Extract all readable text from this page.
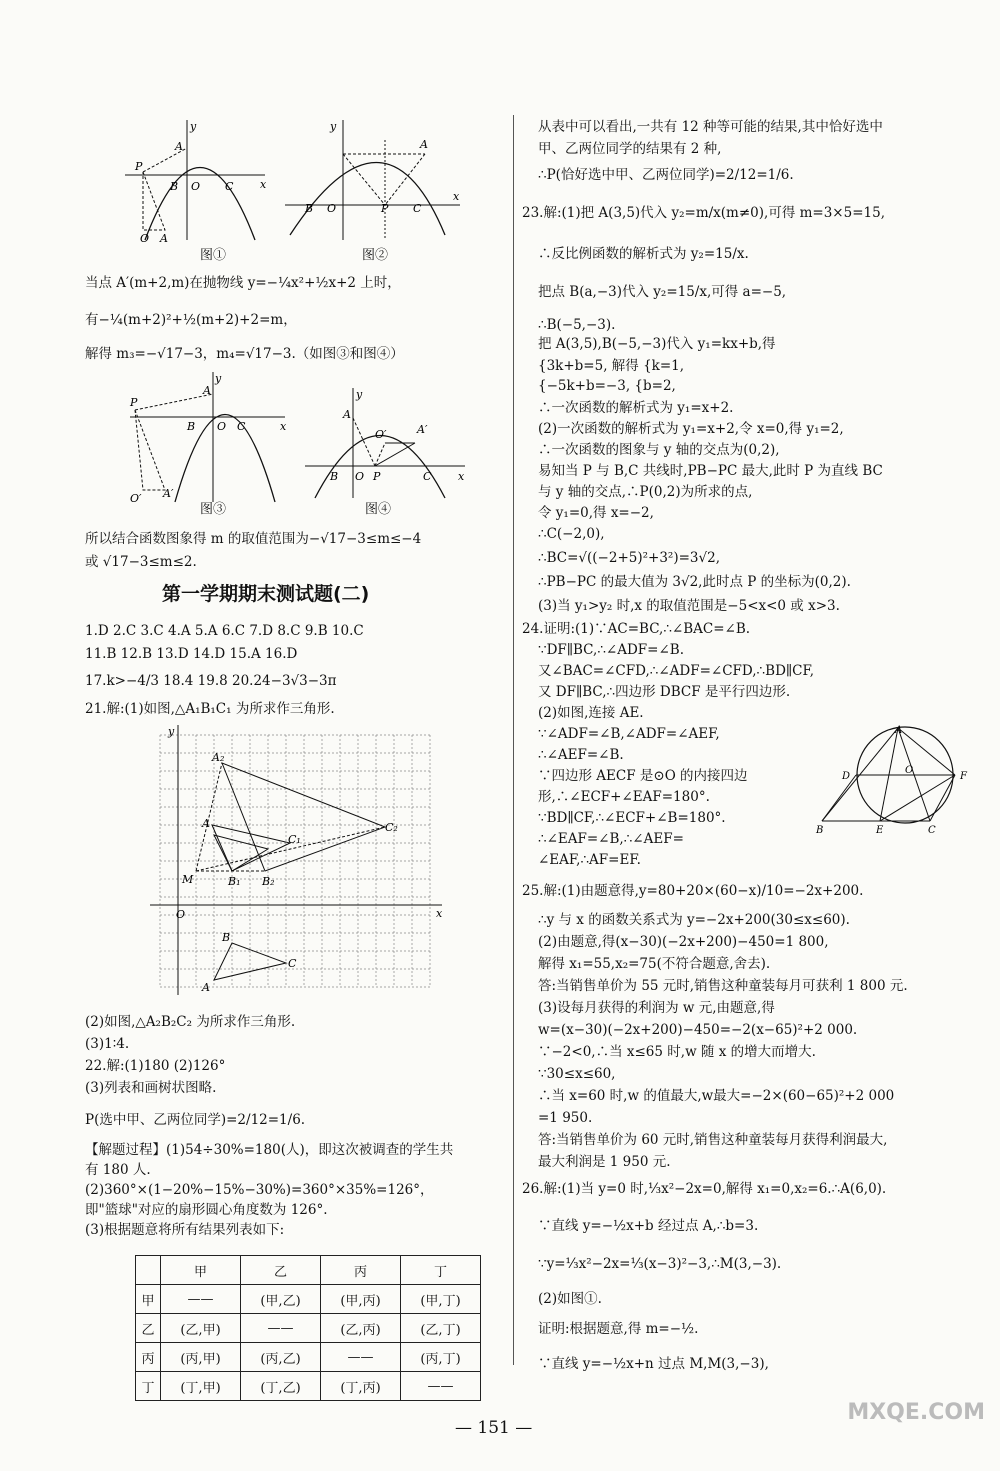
y
A
P
B O C x
O A
图①
y
A
B O	P C
x
图②
当点 A′(m+2,m)在抛物线 y=−¼x²+½x+2 上时，
有−¼(m+2)²+½(m+2)+2=m，
解得 m₃=−√17−3，m₄=√17−3.（如图③和图④）
y
A
P
B O C	x
O′ A′
图③
y
A
O′	A′
B O P	C x
图④
所以结合函数图象得 m 的取值范围为−√17−3≤m≤−4
或 √17−3≤m≤2.
第一学期期末测试题(二)
1.D 2.C 3.C 4.A 5.A 6.C 7.D 8.C 9.B 10.C
11.B 12.B 13.D 14.D 15.A 16.D
17.k>−4/3 18.4 19.8 20.24−3√3−3π
21.解:(1)如图,△A₁B₁C₁ 为所求作三角形.
y
A₂
A
C₁
C₂
M	B₁ B₂
O	x
B
C
A
(2)如图,△A₂B₂C₂ 为所求作三角形.
(3)1∶4.
22.解:(1)180 (2)126°
(3)列表和画树状图略.
P(选中甲、乙两位同学)=2/12=1/6.
【解题过程】(1)54÷30%=180(人)，即这次被调查的学生共
有 180 人.
(2)360°×(1−20%−15%−30%)=360°×35%=126°，
即"篮球"对应的扇形圆心角度数为 126°.
(3)根据题意将所有结果列表如下:
	甲	乙	丙	丁
甲	——	(甲,乙)	(甲,丙)	(甲,丁)
乙	(乙,甲)	——	(乙,丙)	(乙,丁)
丙	(丙,甲)	(丙,乙)	——	(丙,丁)
丁	(丁,甲)	(丁,乙)	(丁,丙)	——
从表中可以看出,一共有 12 种等可能的结果,其中恰好选中
甲、乙两位同学的结果有 2 种,
∴P(恰好选中甲、乙两位同学)=2/12=1/6.
23.解:(1)把 A(3,5)代入 y₂=m/x(m≠0),可得 m=3×5=15,
∴反比例函数的解析式为 y₂=15/x.
把点 B(a,−3)代入 y₂=15/x,可得 a=−5,
∴B(−5,−3).
把 A(3,5),B(−5,−3)代入 y₁=kx+b,得
{3k+b=5, 解得 {k=1,
{−5k+b=−3, {b=2,
∴一次函数的解析式为 y₁=x+2.
(2)一次函数的解析式为 y₁=x+2,令 x=0,得 y₁=2,
∴一次函数的图象与 y 轴的交点为(0,2),
易知当 P 与 B,C 共线时,PB−PC 最大,此时 P 为直线 BC
与 y 轴的交点,∴P(0,2)为所求的点,
令 y₁=0,得 x=−2,
∴C(−2,0),
∴BC=√((−2+5)²+3²)=3√2,
∴PB−PC 的最大值为 3√2,此时点 P 的坐标为(0,2).
(3)当 y₁>y₂ 时,x 的取值范围是−5<x<0 或 x>3.
24.证明:(1)∵AC=BC,∴∠BAC=∠B.
∵DF∥BC,∴∠ADF=∠B.
又∠BAC=∠CFD,∴∠ADF=∠CFD,∴BD∥CF,
又 DF∥BC,∴四边形 DBCF 是平行四边形.
(2)如图,连接 AE.
∵∠ADF=∠B,∠ADF=∠AEF,
∴∠AEF=∠B.
∵四边形 AECF 是⊙O 的内接四边
形,∴∠ECF+∠EAF=180°.
∵BD∥CF,∴∠ECF+∠B=180°.
∴∠EAF=∠B,∴∠AEF=
∠EAF,∴AF=EF.
A
D
O
F
B	E	C
25.解:(1)由题意得,y=80+20×(60−x)/10=−2x+200.
∴y 与 x 的函数关系式为 y=−2x+200(30≤x≤60).
(2)由题意,得(x−30)(−2x+200)−450=1 800,
解得 x₁=55,x₂=75(不符合题意,舍去).
答:当销售单价为 55 元时,销售这种童装每月可获利 1 800 元.
(3)设每月获得的利润为 w 元,由题意,得
w=(x−30)(−2x+200)−450=−2(x−65)²+2 000.
∵−2<0,∴当 x≤65 时,w 随 x 的增大而增大.
∵30≤x≤60,
∴当 x=60 时,w 的值最大,w最大=−2×(60−65)²+2 000
=1 950.
答:当销售单价为 60 元时,销售这种童装每月获得利润最大,
最大利润是 1 950 元.
26.解:(1)当 y=0 时,⅓x²−2x=0,解得 x₁=0,x₂=6.∴A(6,0).
∵直线 y=−½x+b 经过点 A,∴b=3.
∵y=⅓x²−2x=⅓(x−3)²−3,∴M(3,−3).
(2)如图①.
证明:根据题意,得 m=−½.
∵直线 y=−½x+n 过点 M,M(3,−3),
— 151 —
MXQE.COM
